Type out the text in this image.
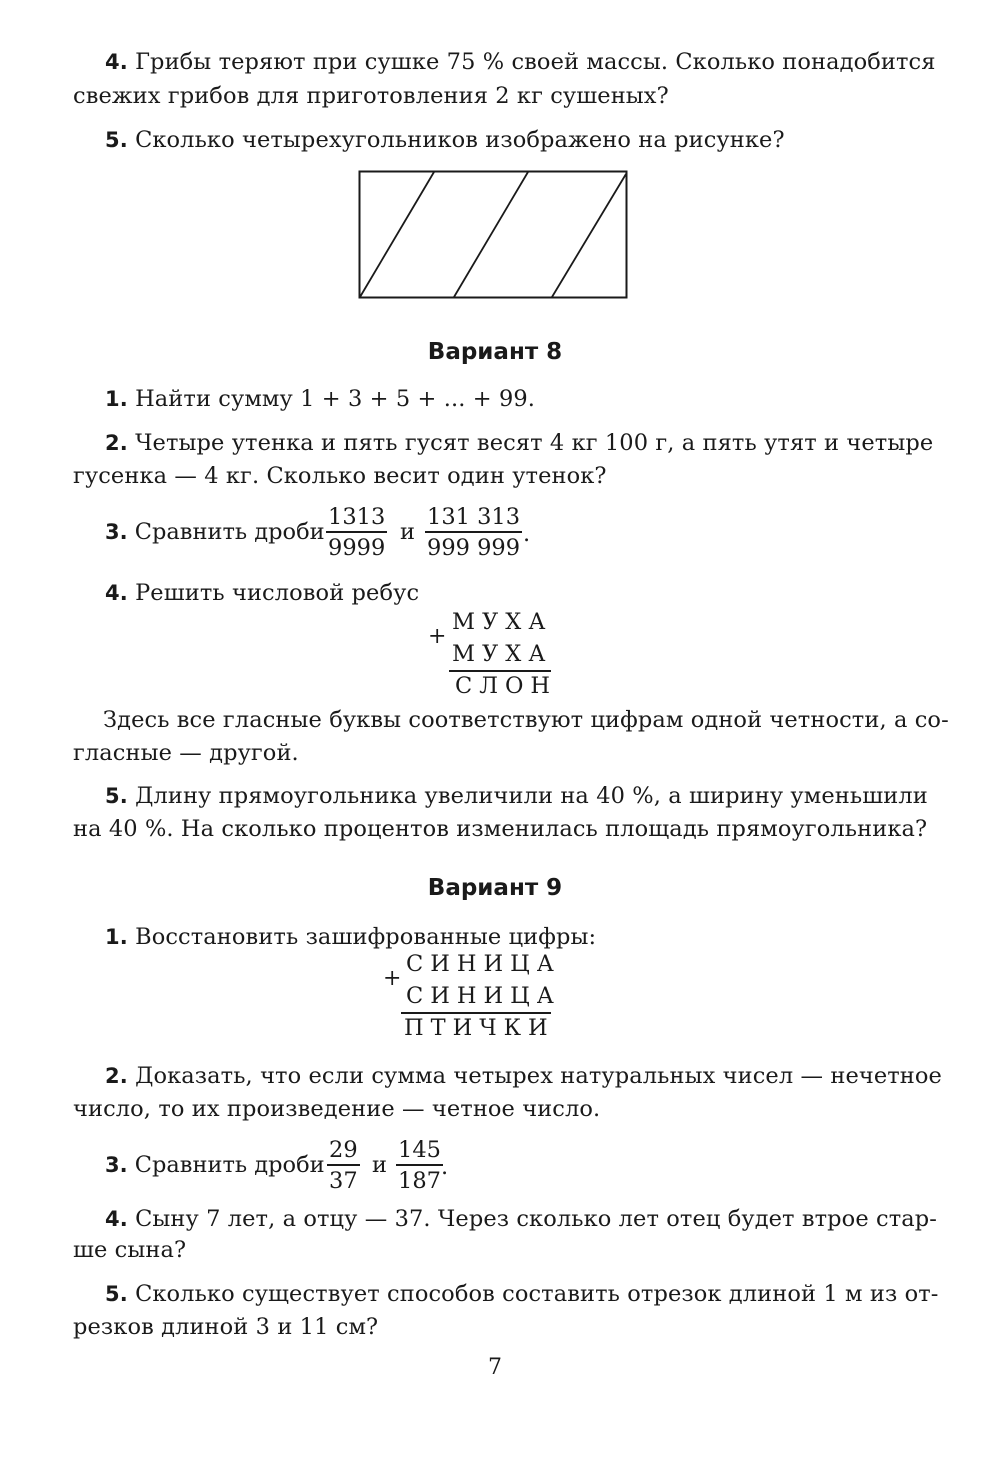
4. Грибы теряют при сушке 75 % своей массы. Сколько понадобится
свежих грибов для приготовления 2 кг сушеных?
5. Сколько четырехугольников изображено на рисунке?
Вариант 8
1. Найти сумму 1 + 3 + 5 + ... + 99.
2. Четыре утенка и пять гусят весят 4 кг 100 г, а пять утят и четыре
гусенка — 4 кг. Сколько весит один утенок?
3. Сравнить дроби
1313
9999
и
131 313
999 999
.
4. Решить числовой ребус
+
МУХА
МУХА
СЛОН
Здесь все гласные буквы соответствуют цифрам одной четности, а со-
гласные — другой.
5. Длину прямоугольника увеличили на 40 %, а ширину уменьшили
на 40 %. На сколько процентов изменилась площадь прямоугольника?
Вариант 9
1. Восстановить зашифрованные цифры:
+
СИНИЦА
СИНИЦА
ПТИЧКИ
2. Доказать, что если сумма четырех натуральных чисел — нечетное
число, то их произведение — четное число.
3. Сравнить дроби
29
37
и
145
187
.
4. Сыну 7 лет, а отцу — 37. Через сколько лет отец будет втрое стар-
ше сына?
5. Сколько существует способов составить отрезок длиной 1 м из от-
резков длиной 3 и 11 см?
7
